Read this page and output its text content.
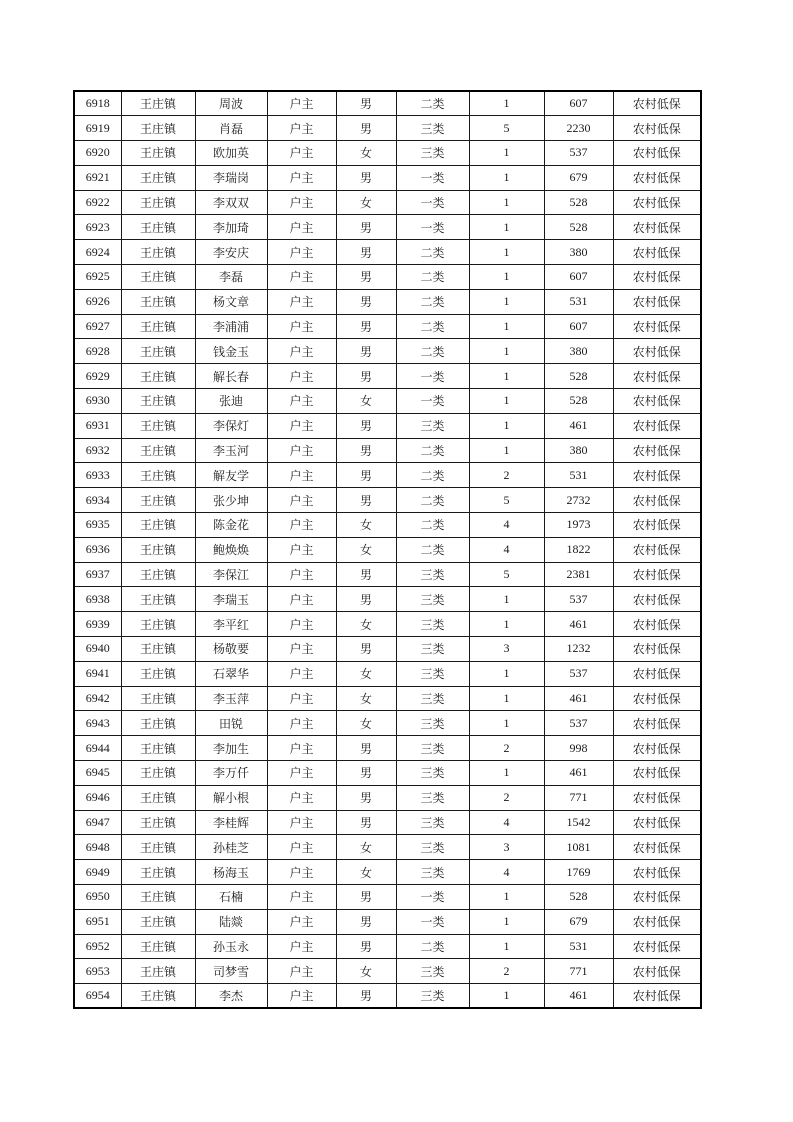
6918	王庄镇	周波	户主	男	二类	1	607	农村低保
6919	王庄镇	肖磊	户主	男	三类	5	2230	农村低保
6920	王庄镇	欧加英	户主	女	三类	1	537	农村低保
6921	王庄镇	李瑞岗	户主	男	一类	1	679	农村低保
6922	王庄镇	李双双	户主	女	一类	1	528	农村低保
6923	王庄镇	李加琦	户主	男	一类	1	528	农村低保
6924	王庄镇	李安庆	户主	男	二类	1	380	农村低保
6925	王庄镇	李磊	户主	男	二类	1	607	农村低保
6926	王庄镇	杨文章	户主	男	二类	1	531	农村低保
6927	王庄镇	李浦浦	户主	男	二类	1	607	农村低保
6928	王庄镇	钱金玉	户主	男	二类	1	380	农村低保
6929	王庄镇	解长春	户主	男	一类	1	528	农村低保
6930	王庄镇	张迪	户主	女	一类	1	528	农村低保
6931	王庄镇	李保灯	户主	男	三类	1	461	农村低保
6932	王庄镇	李玉河	户主	男	二类	1	380	农村低保
6933	王庄镇	解友学	户主	男	二类	2	531	农村低保
6934	王庄镇	张少坤	户主	男	二类	5	2732	农村低保
6935	王庄镇	陈金花	户主	女	二类	4	1973	农村低保
6936	王庄镇	鲍焕焕	户主	女	二类	4	1822	农村低保
6937	王庄镇	李保江	户主	男	三类	5	2381	农村低保
6938	王庄镇	李瑞玉	户主	男	三类	1	537	农村低保
6939	王庄镇	李平红	户主	女	三类	1	461	农村低保
6940	王庄镇	杨敬要	户主	男	三类	3	1232	农村低保
6941	王庄镇	石翠华	户主	女	三类	1	537	农村低保
6942	王庄镇	李玉萍	户主	女	三类	1	461	农村低保
6943	王庄镇	田锐	户主	女	三类	1	537	农村低保
6944	王庄镇	李加生	户主	男	三类	2	998	农村低保
6945	王庄镇	李万仟	户主	男	三类	1	461	农村低保
6946	王庄镇	解小根	户主	男	三类	2	771	农村低保
6947	王庄镇	李桂辉	户主	男	三类	4	1542	农村低保
6948	王庄镇	孙桂芝	户主	女	三类	3	1081	农村低保
6949	王庄镇	杨海玉	户主	女	三类	4	1769	农村低保
6950	王庄镇	石楠	户主	男	一类	1	528	农村低保
6951	王庄镇	陆燚	户主	男	一类	1	679	农村低保
6952	王庄镇	孙玉永	户主	男	二类	1	531	农村低保
6953	王庄镇	司梦雪	户主	女	三类	2	771	农村低保
6954	王庄镇	李杰	户主	男	三类	1	461	农村低保
